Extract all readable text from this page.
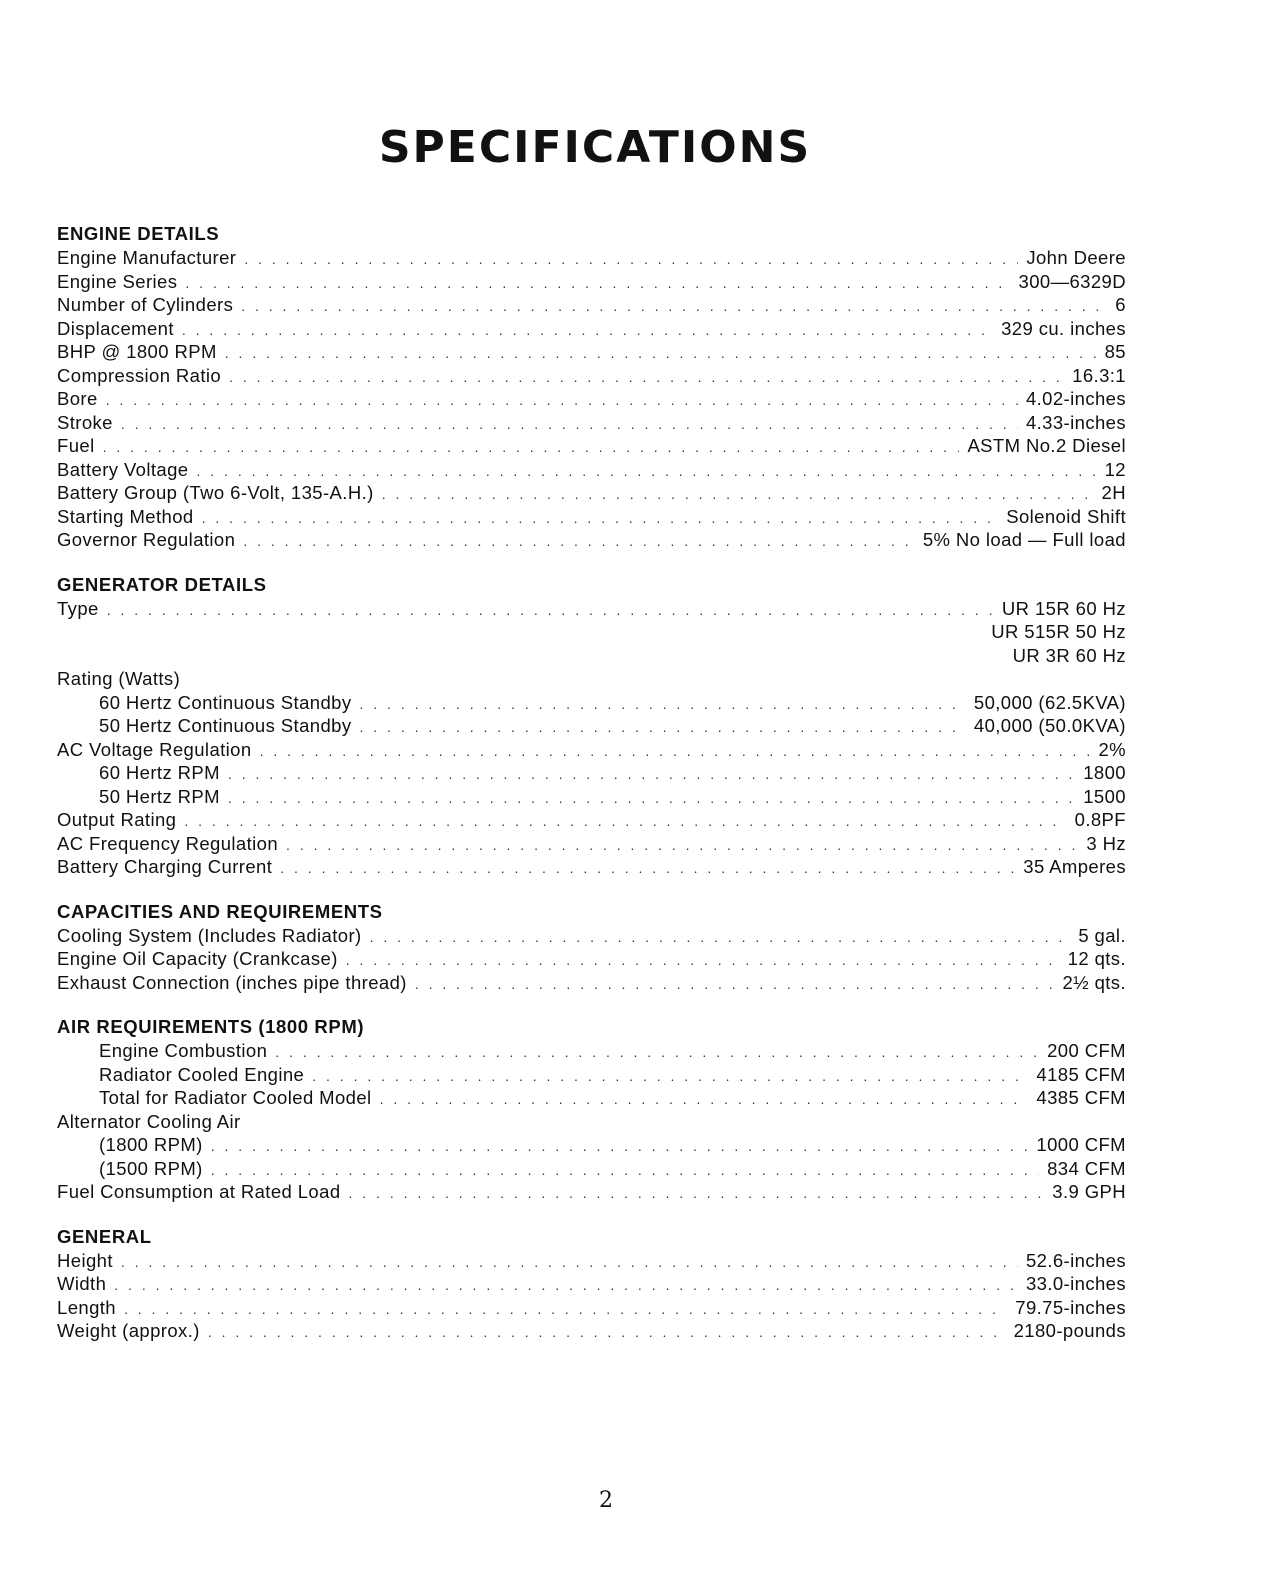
SPECIFICATIONS
ENGINE DETAILS
Engine Manufacturer . . .	John Deere
Engine Series . . .	300—6329D
Number of Cylinders . . .	6
Displacement . . .	329 cu. inches
BHP @ 1800 RPM . . .	85
Compression Ratio . . .	16.3:1
Bore . . .	4.02-inches
Stroke . . .	4.33-inches
Fuel . . .	ASTM No.2 Diesel
Battery Voltage . . .	12
Battery Group (Two 6-Volt, 135-A.H.) . . .	2H
Starting Method . . .	Solenoid Shift
Governor Regulation . . .	5% No load — Full load
GENERATOR DETAILS
Type . . .	UR 15R 60 Hz
UR 515R 50 Hz
UR 3R 60 Hz
Rating (Watts)
60 Hertz Continuous Standby . . .	50,000 (62.5KVA)
50 Hertz Continuous Standby . . .	40,000 (50.0KVA)
AC Voltage Regulation . . .	2%
60 Hertz RPM . . .	1800
50 Hertz RPM . . .	1500
Output Rating . . .	0.8PF
AC Frequency Regulation . . .	3 Hz
Battery Charging Current . . .	35 Amperes
CAPACITIES AND REQUIREMENTS
Cooling System (Includes Radiator) . . .	5 gal.
Engine Oil Capacity (Crankcase) . . .	12 qts.
Exhaust Connection (inches pipe thread) . . .	2½ qts.
AIR REQUIREMENTS (1800 RPM)
Engine Combustion . . .	200 CFM
Radiator Cooled Engine . . .	4185 CFM
Total for Radiator Cooled Model . . .	4385 CFM
Alternator Cooling Air
(1800 RPM) . . .	1000 CFM
(1500 RPM) . . .	834 CFM
Fuel Consumption at Rated Load . . .	3.9 GPH
GENERAL
Height . . .	52.6-inches
Width . . .	33.0-inches
Length . . .	79.75-inches
Weight (approx.) . . .	2180-pounds
2
